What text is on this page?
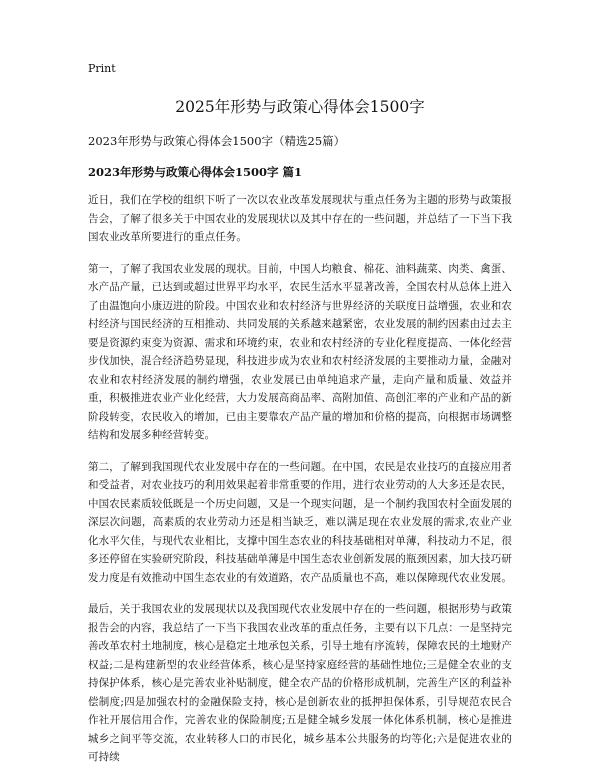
Print

2025年形势与政策心得体会1500字

2023年形势与政策心得体会1500字（精选25篇）

2023年形势与政策心得体会1500字 篇1

近日，我们在学校的组织下听了一次以农业改革发展现状与重点任务为主题的形势与政策报告会，了解了很多关于中国农业的发展现状以及其中存在的一些问题，并总结了一下当下我国农业改革所要进行的重点任务。

第一，了解了我国农业发展的现状。目前，中国人均粮食、棉花、油料蔬菜、肉类、禽蛋、水产品产量，已达到或超过世界平均水平，农民生活水平显著改善，全国农村从总体上进入了由温饱向小康迈进的阶段。中国农业和农村经济与世界经济的关联度日益增强，农业和农村经济与国民经济的互相推动、共同发展的关系越来越紧密，农业发展的制约因素由过去主要是资源约束变为资源、需求和环境约束，农业和农村经济的专业化程度提高、一体化经营步伐加快，混合经济趋势显现，科技进步成为农业和农村经济发展的主要推动力量，金融对农业和农村经济发展的制约增强，农业发展已由单纯追求产量，走向产量和质量、效益并重，积极推进农业产业化经营，大力发展高商品率、高附加值、高创汇率的产业和产品的新阶段转变，农民收入的增加，已由主要靠农产品产量的增加和价格的提高，向根据市场调整结构和发展多种经营转变。

第二，了解到我国现代农业发展中存在的一些问题。在中国，农民是农业技巧的直接应用者和受益者，对农业技巧的利用效果起着非常重要的作用，进行农业劳动的人大多还是农民，中国农民素质较低既是一个历史问题，又是一个现实问题，是一个制约我国农村全面发展的深层次问题，高素质的农业劳动力还是相当缺乏，难以满足现在农业发展的需求,农业产业化水平欠佳，与现代农业相比，支撑中国生态农业的科技基础相对单薄，科技动力不足，很多还停留在实验研究阶段，科技基础单薄是中国生态农业创新发展的瓶颈因素，加大技巧研发力度是有效推动中国生态农业的有效道路，农产品质量也不高，难以保障现代农业发展。

最后，关于我国农业的发展现状以及我国现代农业发展中存在的一些问题，根据形势与政策报告会的内容，我总结了一下当下我国农业改革的重点任务，主要有以下几点：一是坚持完善改革农村土地制度，核心是稳定土地承包关系，引导土地有序流转，保障农民的土地财产权益;二是构建新型的农业经营体系，核心是坚持家庭经营的基础性地位;三是健全农业的支持保护体系，核心是完善农业补贴制度，健全农产品的价格形成机制，完善生产区的利益补偿制度;四是加强农村的金融保险支持，核心是创新农业的抵押担保体系，引导规范农民合作社开展信用合作，完善农业的保险制度;五是健全城乡发展一体化体系机制，核心是推进城乡之间平等交流，农业转移人口的市民化，城乡基本公共服务的均等化;六是促进农业的可持续
